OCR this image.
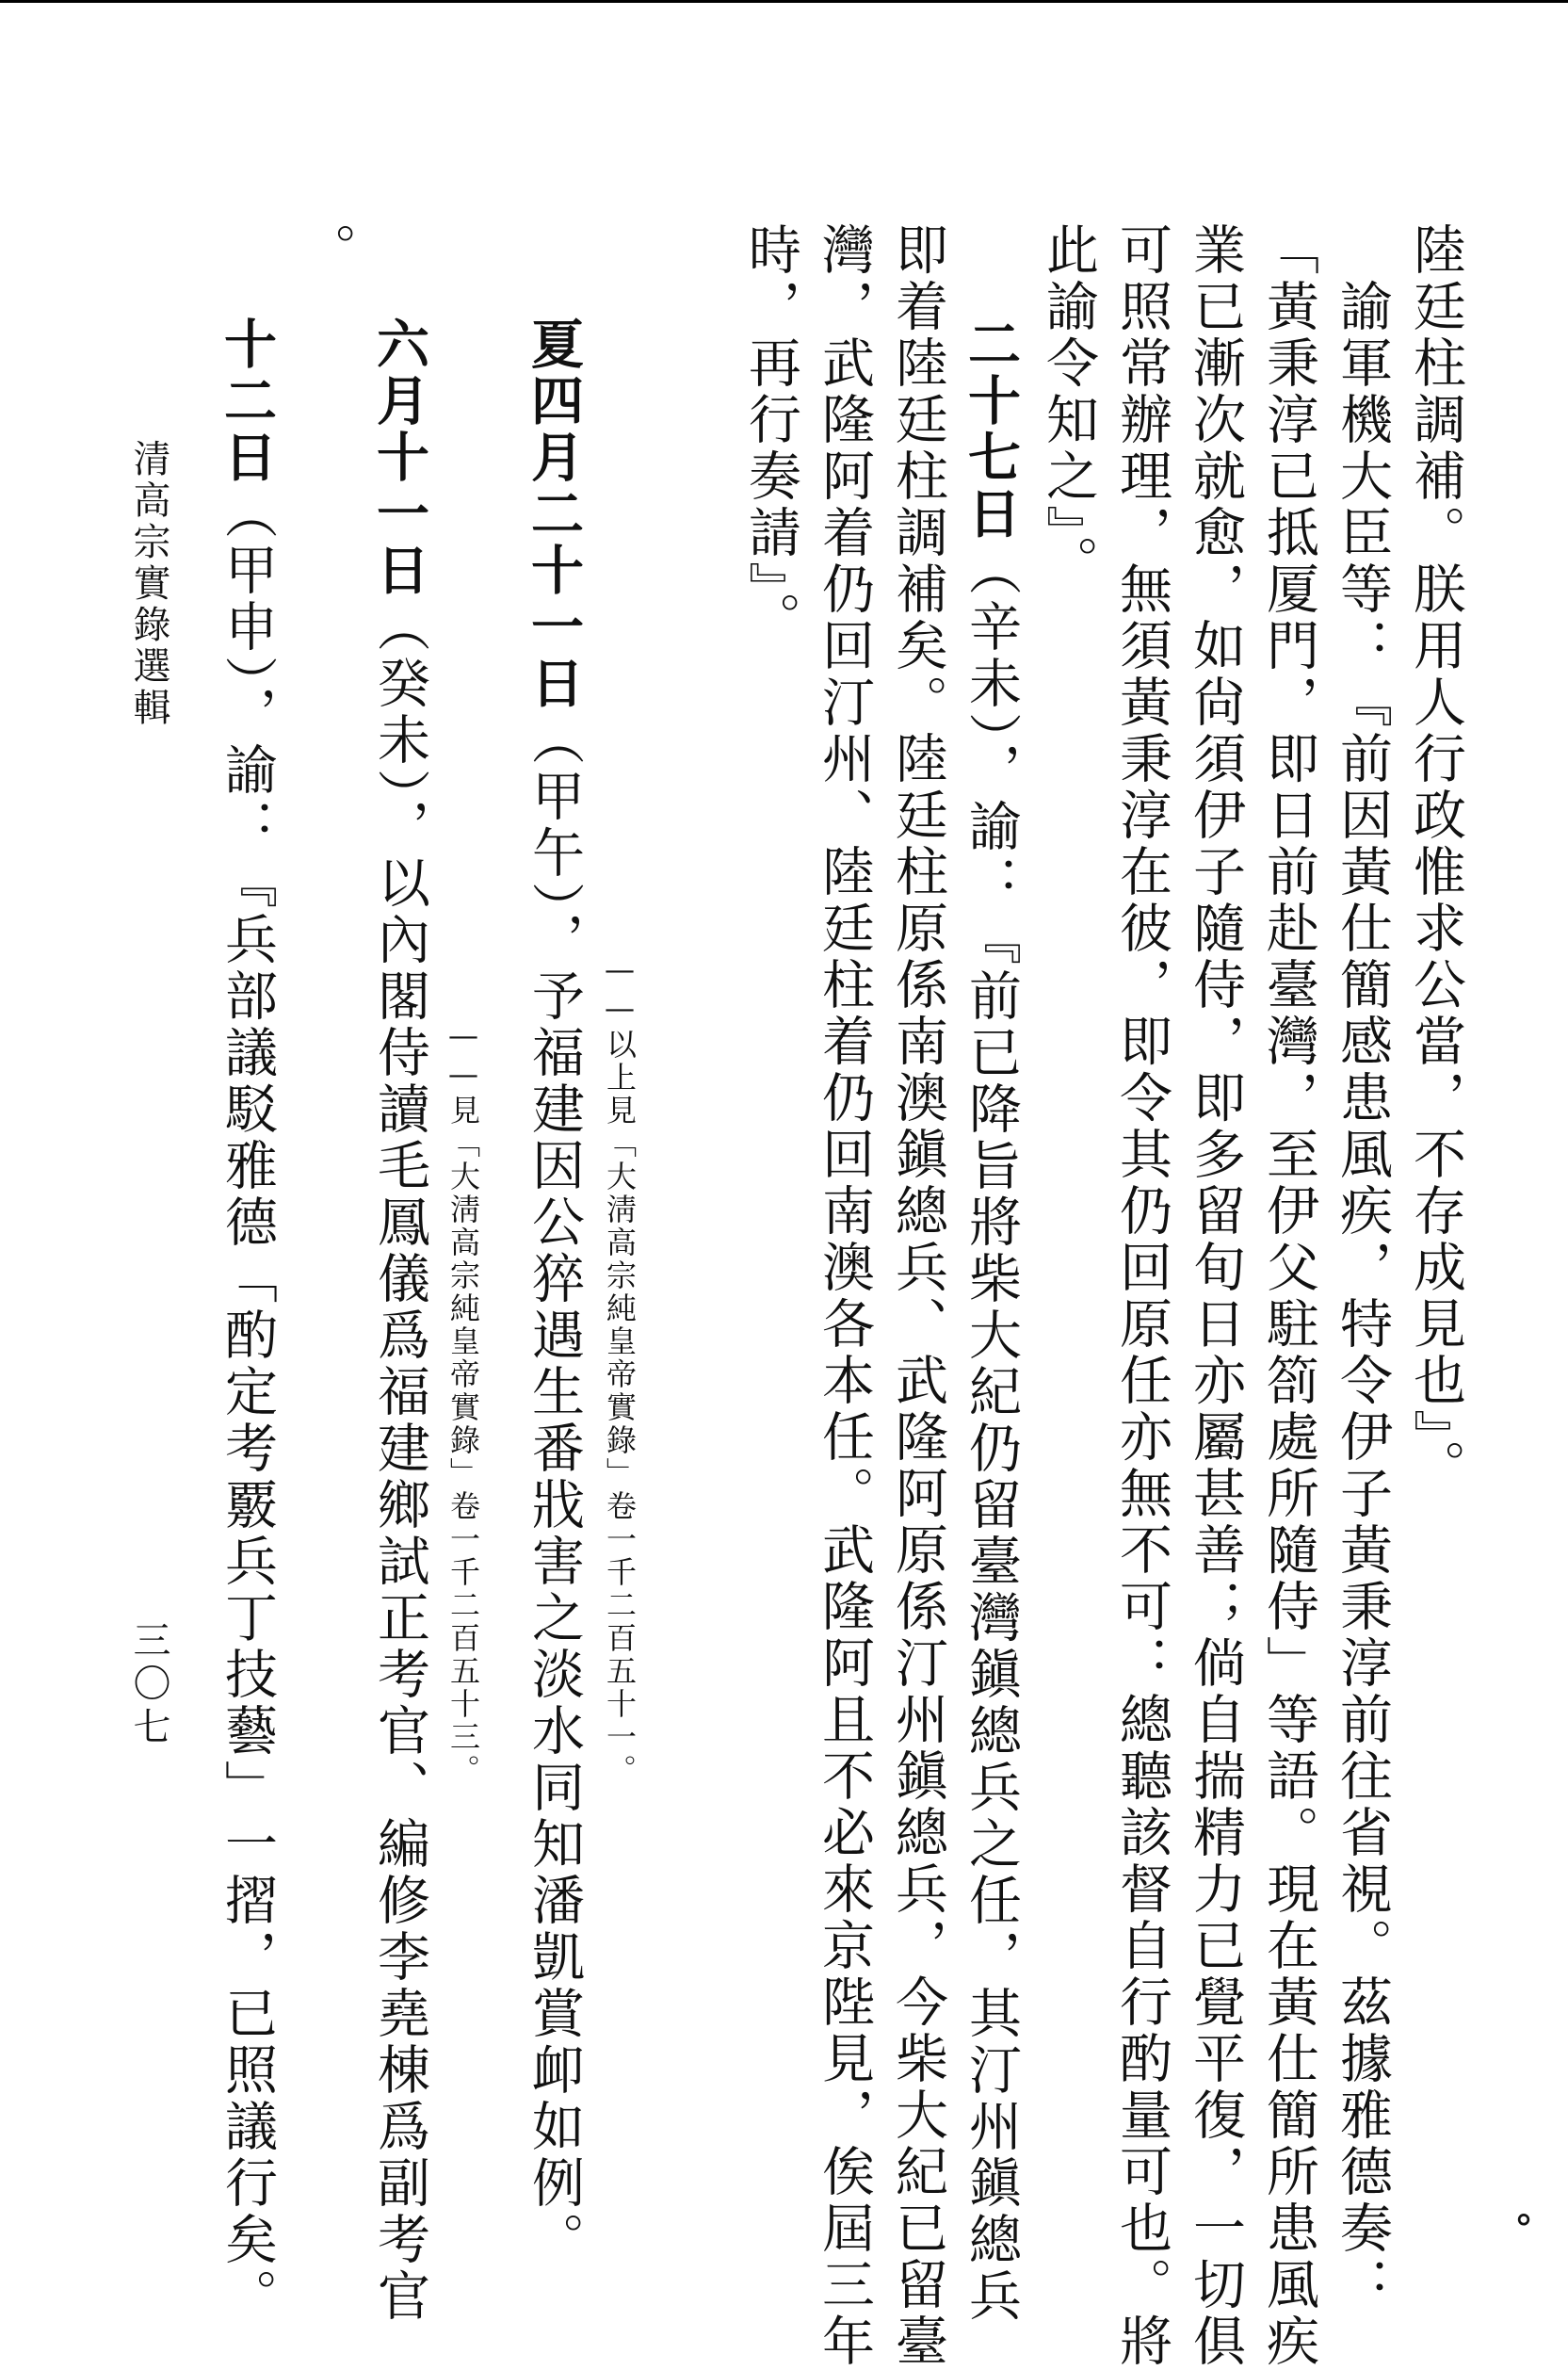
陸廷柱調補。朕用人行政惟求公當，不存成見也』。
　諭軍機大臣等：『前因黃仕簡感患風疾，特令伊子黃秉淳前往省視。茲據雅德奏：
「黃秉淳已抵厦門，即日前赴臺灣，至伊父駐箚處所隨侍」等語。現在黃仕簡所患風疾
業已漸次就愈，如尙須伊子隨侍，即多留旬日亦屬甚善；倘自揣精力已覺平復，一切俱
可照常辦理，無須黃秉淳在彼，即令其仍回原任亦無不可：總聽該督自行酌量可也。將
此諭令知之』。
二十七日（辛未），諭：『前已降旨將柴大紀仍留臺灣鎭總兵之任，其汀州鎭總兵
即着陸廷柱調補矣。陸廷柱原係南澳鎭總兵、武隆阿原係汀州鎭總兵，今柴大紀已留臺
灣，武隆阿着仍回汀州、陸廷柱着仍回南澳各本任。武隆阿且不必來京陛見，俟屆三年
時，再行奏請』。
——以上見「大淸高宗純皇帝實錄」卷一千二百五十一。
夏四月二十一日（甲午），予福建因公猝遇生番戕害之淡水同知潘凱賞卹如例。
——見「大淸高宗純皇帝實錄」卷一千二百五十三。
六月十一日（癸未），以內閣侍讀毛鳳儀爲福建鄉試正考官、編修李堯棟爲副考官
。
十二日（甲申），諭：『兵部議駁雅德「酌定考覈兵丁技藝」一摺，已照議行矣。
清高宗實錄選輯
三〇七
°
